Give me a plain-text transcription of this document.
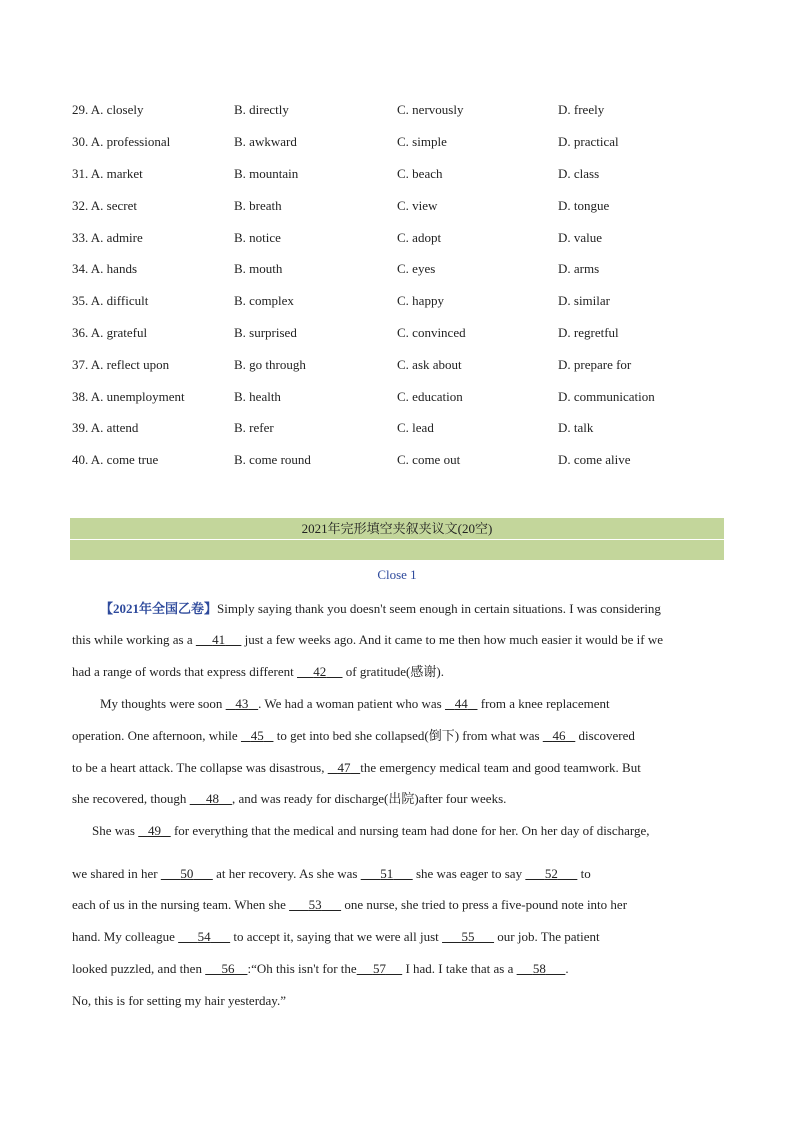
29. A. closely	B. directly	C. nervously	D. freely
30. A. professional	B. awkward	C. simple	D. practical
31. A. market	B. mountain	C. beach	D. class
32. A. secret	B. breath	C. view	D. tongue
33. A. admire	B. notice	C. adopt	D. value
34. A. hands	B. mouth	C. eyes	D. arms
35. A. difficult	B. complex	C. happy	D. similar
36. A. grateful	B. surprised	C. convinced	D. regretful
37. A. reflect upon	B. go through	C. ask about	D. prepare for
38. A. unemployment	B. health	C. education	D. communication
39. A. attend	B. refer	C. lead	D. talk
40. A. come true	B. come round	C. come out	D. come alive
2021年完形填空夹叙夹议文(20空)
Close 1
【2021年全国乙卷】Simply saying thank you doesn't seem enough in certain situations. I was considering
this while working as a      41      just a few weeks ago. And it came to me then how much easier it would be if we
had a range of words that express different      42      of gratitude(感谢).
My thoughts were soon    43 . We had a woman patient who was    44    from a knee replacement
operation. One afternoon, while    45    to get into bed she collapsed(倒下) from what was    46    discovered
to be a heart attack. The collapse was disastrous,    47 the emergency medical team and good teamwork. But
she recovered, though      48 , and was ready for discharge(出院)after four weeks.
She was    49    for everything that the medical and nursing team had done for her. On her day of discharge,
we shared in her       50       at her recovery. As she was       51       she was eager to say       52       to
each of us in the nursing team. When she       53       one nurse, she tried to press a five-pound note into her
hand. My colleague       54       to accept it, saying that we were all just       55       our job. The patient
looked puzzled, and then      56 :“Oh this isn't for the 57      I had. I take that as a      58 .
No, this is for setting my hair yesterday.”
